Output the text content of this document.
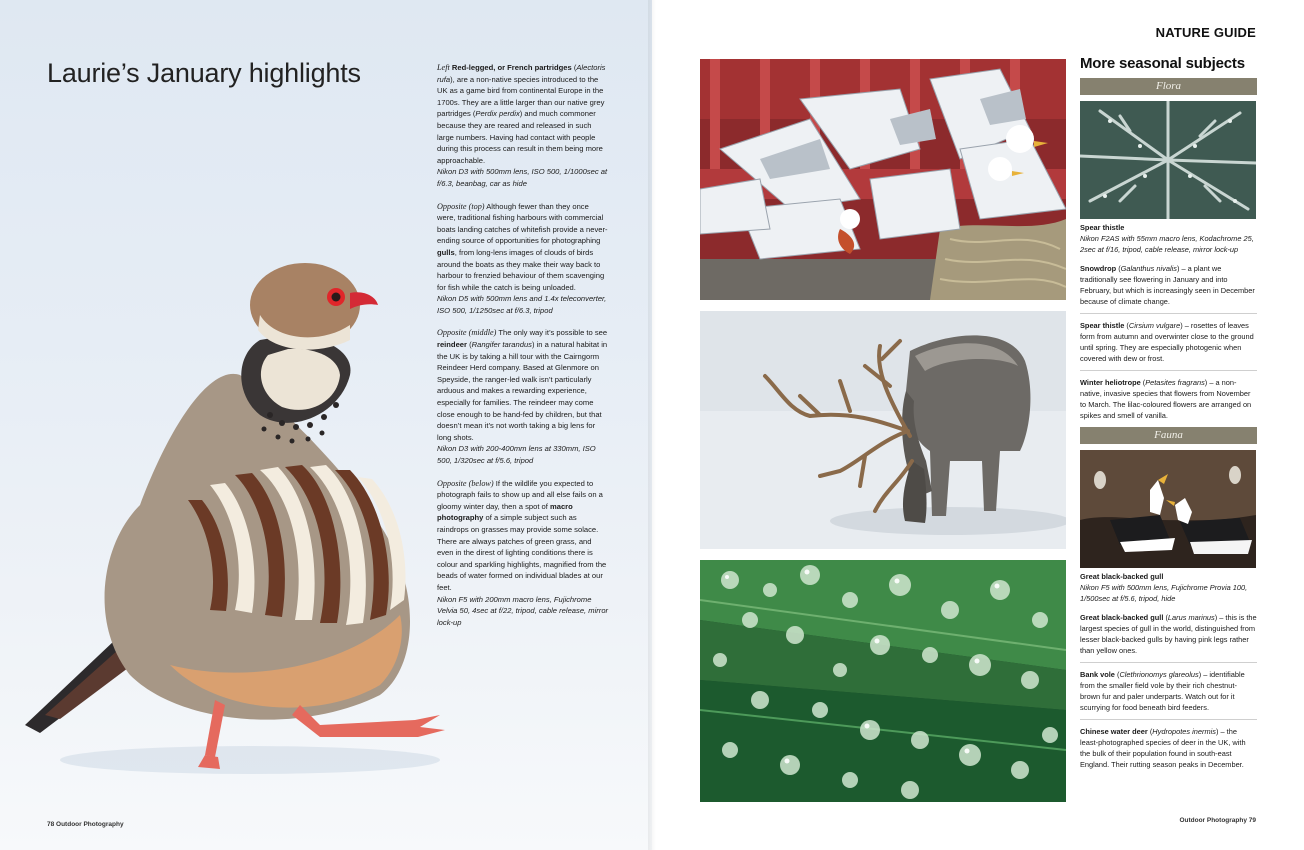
Laurie’s January highlights	Left Red-legged, or French partridges (Alectoris rufa), are a non-native species introduced to the UK as a game bird from continental Europe in the 1700s. They are a little larger than our native grey partridges (Perdix perdix) and much commoner because they are reared and released in such large numbers. Having had contact with people during this process can result in them being more approachable.
Nikon D3 with 500mm lens, ISO 500, 1/1000sec at f/6.3, beanbag, car as hide

Opposite (top) Although fewer than they once were, traditional fishing harbours with commercial boats landing catches of whitefish provide a never-ending source of opportunities for photographing gulls, from long-lens images of clouds of birds around the boats as they make their way back to harbour to frenzied behaviour of them scavenging for fish while the catch is being unloaded.
Nikon D5 with 500mm lens and 1.4x teleconverter, ISO 500, 1/1250sec at f/6.3, tripod

Opposite (middle) The only way it’s possible to see reindeer (Rangifer tarandus) in a natural habitat in the UK is by taking a hill tour with the Cairngorm Reindeer Herd company. Based at Glenmore on Speyside, the ranger-led walk isn’t particularly arduous and makes a rewarding experience, especially for families. The reindeer may come close enough to be hand-fed by children, but that doesn’t mean it’s not worth taking a big lens for long shots.
Nikon D3 with 200-400mm lens at 330mm, ISO 500, 1/320sec at f/5.6, tripod

Opposite (below) If the wildlife you expected to photograph fails to show up and all else fails on a gloomy winter day, then a spot of macro photography of a simple subject such as raindrops on grasses may provide some solace. There are always patches of green grass, and even in the direst of lighting conditions there is colour and sparkling highlights, magnified from the beads of water formed on individual blades at our feet.
Nikon F5 with 200mm macro lens, Fujichrome Velvia 50, 4sec at f/22, tripod, cable release, mirror lock-up

78 Outdoor Photography
NATURE GUIDE
More seasonal subjects
Flora

Spear thistle
Nikon F2AS with 55mm macro lens, Kodachrome 25, 2sec at f/16, tripod, cable release, mirror lock-up

Snowdrop (Galanthus nivalis) – a plant we traditionally see flowering in January and into February, but which is increasingly seen in December because of climate change.

Spear thistle (Cirsium vulgare) – rosettes of leaves form from autumn and overwinter close to the ground until spring. They are especially photogenic when covered with dew or frost.

Winter heliotrope (Petasites fragrans) – a non-native, invasive species that flowers from November to March. The lilac-coloured flowers are arranged on spikes and smell of vanilla.

Fauna

Great black-backed gull
Nikon F5 with 500mm lens, Fujichrome Provia 100, 1/500sec at f/5.6, tripod, hide

Great black-backed gull (Larus marinus) – this is the largest species of gull in the world, distinguished from lesser black-backed gulls by having pink legs rather than yellow ones.

Bank vole (Clethrionomys glareolus) – identifiable from the smaller field vole by their rich chestnut-brown fur and paler underparts. Watch out for it scurrying for food beneath bird feeders.

Chinese water deer (Hydropotes inermis) – the least-photographed species of deer in the UK, with the bulk of their population found in south-east England. Their rutting season peaks in December.

Outdoor Photography 79
